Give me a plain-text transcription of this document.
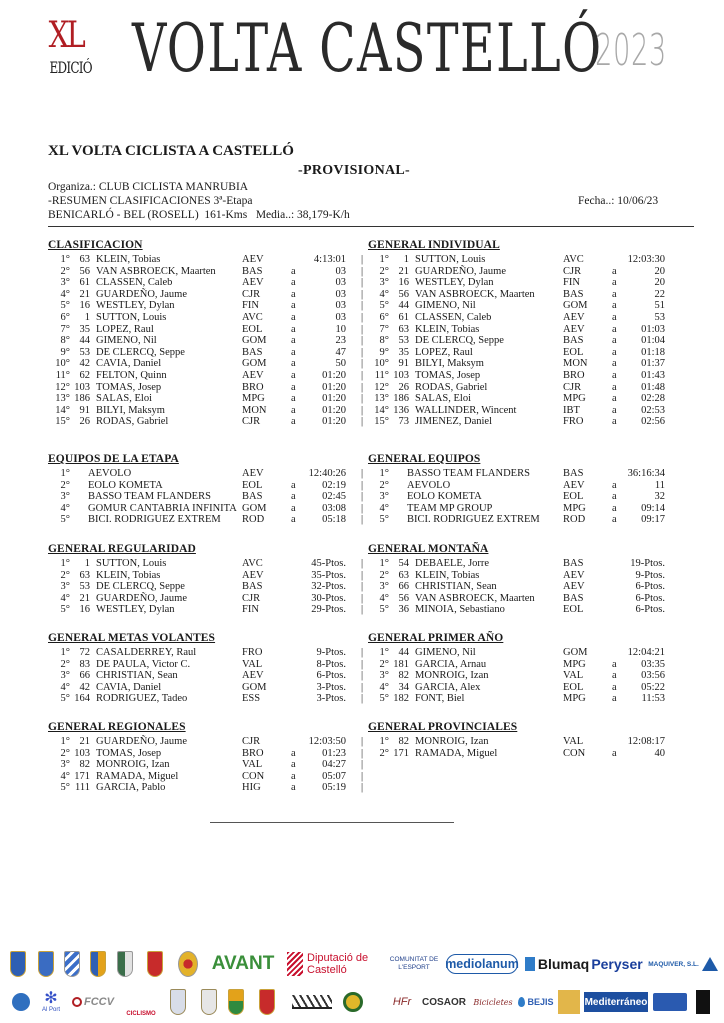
XL
EDICIÓ VOLTA CASTELLÓ
2023
XL VOLTA CICLISTA A CASTELLÓ
-PROVISIONAL-
Organiza.: CLUB CICLISTA MANRUBIA
-RESUMEN CLASIFICACIONES 3ª-Etapa	Fecha..: 10/06/23
BENICARLÓ - BEL (ROSELL)  161-Kms   Media..: 38,179-K/h
CLASIFICACION
1° 63 KLEIN, Tobias	AEV	4:13:01
2° 56 VAN ASBROECK, Maarten	BAS	a	03
3° 61 CLASSEN, Caleb	AEV	a	03
4° 21 GUARDEÑO, Jaume	CJR	a	03
5° 16 WESTLEY, Dylan	FIN	a	03
6°	1 SUTTON, Louis	AVC	a	03
7° 35 LOPEZ, Raul	EOL	a	10
8° 44 GIMENO, Nil	GOM a	23
9° 53 DE CLERCQ, Seppe	BAS	a	47
10° 42 CAVIA, Daniel	GOM a	50
11° 62 FELTON, Quinn	AEV	a	01:20
12° 103 TOMAS, Josep	BRO	a	01:20
13° 186 SALAS, Eloi	MPG a	01:20
14° 91 BILYI, Maksym	MON a	01:20
15° 26 RODAS, Gabriel	CJR	a	01:20
GENERAL INDIVIDUAL
|	1°	1 SUTTON, Louis	AVC	12:03:30
|	2° 21 GUARDEÑO, Jaume	CJR	a	20
|	3° 16 WESTLEY, Dylan	FIN	a	20
|	4° 56 VAN ASBROECK, Maarten	BAS	a	22
|	5° 44 GIMENO, Nil	GOM a	51
|	6° 61 CLASSEN, Caleb	AEV	a	53
|	7° 63 KLEIN, Tobias	AEV	a	01:03
|	8° 53 DE CLERCQ, Seppe	BAS	a	01:04
|	9° 35 LOPEZ, Raul	EOL	a	01:18
|	10° 91 BILYI, Maksym	MON a	01:37
|	11° 103 TOMAS, Josep	BRO	a	01:43
|	12° 26 RODAS, Gabriel	CJR	a	01:48
|	13° 186 SALAS, Eloi	MPG a	02:28
|	14° 136 WALLINDER, Wincent	IBT	a	02:53
|	15° 73 JIMENEZ, Daniel	FRO	a	02:56
EQUIPOS DE LA ETAPA
1° AEVOLO	AEV	12:40:26
2° EOLO KOMETA	EOL	a	02:19
3° BASSO TEAM FLANDERS	BAS	a	02:45
4° GOMUR CANTABRIA INFINITA GOM a	03:08
5° BICI. RODRIGUEZ EXTREM ROD	a	05:18
GENERAL EQUIPOS
|	1° BASSO TEAM FLANDERS	BAS	36:16:34
|	2° AEVOLO	AEV	a	11
|	3° EOLO KOMETA	EOL	a	32
|	4° TEAM MP GROUP	MPG a	09:14
|	5° BICI. RODRIGUEZ EXTREM ROD	a	09:17
GENERAL REGULARIDAD
1°	1 SUTTON, Louis	AVC	45-Ptos.
2° 63 KLEIN, Tobias	AEV	35-Ptos.
3° 53 DE CLERCQ, Seppe	BAS	32-Ptos.
4° 21 GUARDEÑO, Jaume	CJR	30-Ptos.
5° 16 WESTLEY, Dylan	FIN	29-Ptos.
GENERAL MONTAÑA
|	1° 54 DEBAELE, Jorre	BAS	19-Ptos.
|	2° 63 KLEIN, Tobias	AEV	9-Ptos.
|	3° 66 CHRISTIAN, Sean	AEV	6-Ptos.
|	4° 56 VAN ASBROECK, Maarten	BAS	6-Ptos.
|	5° 36 MINOIA, Sebastiano	EOL	6-Ptos.
GENERAL METAS VOLANTES
1° 72 CASALDERREY, Raul	FRO	9-Ptos.
2° 83 DE PAULA, Victor C.	VAL	8-Ptos.
3° 66 CHRISTIAN, Sean	AEV	6-Ptos.
4° 42 CAVIA, Daniel	GOM	3-Ptos.
5° 164 RODRIGUEZ, Tadeo	ESS	3-Ptos.
GENERAL PRIMER AÑO
|	1° 44 GIMENO, Nil	GOM	12:04:21
|	2° 181 GARCIA, Arnau	MPG a	03:35
|	3° 82 MONROIG, Izan	VAL	a	03:56
|	4° 34 GARCIA, Alex	EOL	a	05:22
|	5° 182 FONT, Biel	MPG a	11:53
GENERAL REGIONALES
1° 21 GUARDEÑO, Jaume	CJR	12:03:50
2° 103 TOMAS, Josep	BRO	a	01:23
3° 82 MONROIG, Izan	VAL	a	04:27
4° 171 RAMADA, Miguel	CON	a	05:07
5° 111 GARCIA, Pablo	HIG	a	05:19
GENERAL PROVINCIALES
|	1° 82 MONROIG, Izan	VAL	12:08:17
|	2° 171 RAMADA, Miguel	CON	a	40
|
|
|
AVANT	Diputació de Castelló
COMUNITAT DE L'ESPORT	mediolanum Blumaq Peryser MAQUIVER, S.L.
✻
Al Port
FCCV
CICLISMO
HFr	COSAOR Bicicletes	BEJIS	Mediterráneo
